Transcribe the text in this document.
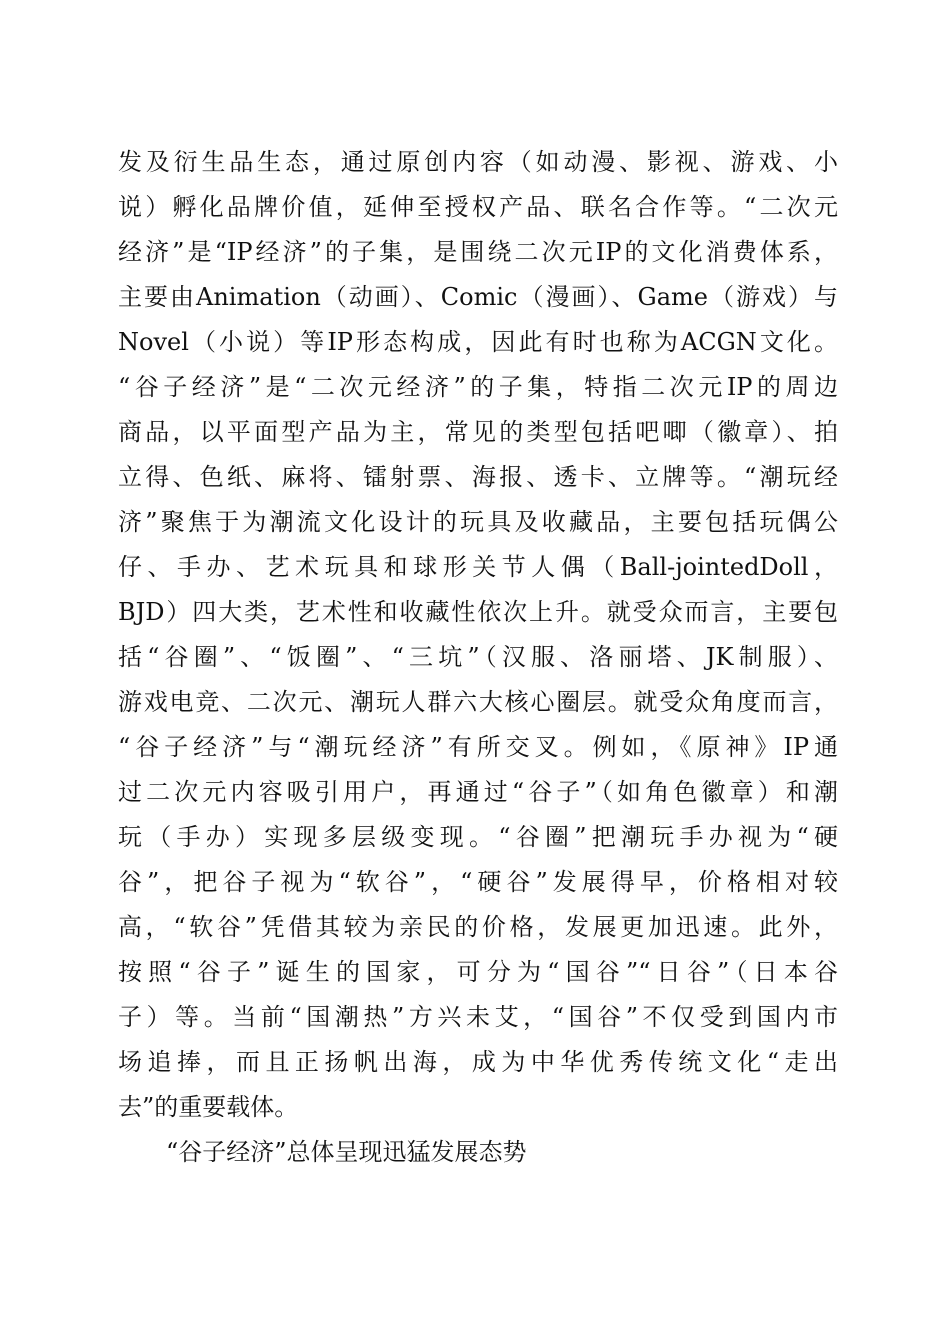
发及衍生品生态，通过原创内容（如动漫、影视、游戏、小
说）孵化品牌价值，延伸至授权产品、联名合作等。“二次元
经济”是“IP经济”的子集，是围绕二次元IP的文化消费体系，
主要由Animation（动画）、Comic（漫画）、Game（游戏）与
Novel（小说）等IP形态构成，因此有时也称为ACGN文化。
“谷子经济”是“二次元经济”的子集，特指二次元IP的周边
商品，以平面型产品为主，常见的类型包括吧唧（徽章）、拍
立得、色纸、麻将、镭射票、海报、透卡、立牌等。“潮玩经
济”聚焦于为潮流文化设计的玩具及收藏品，主要包括玩偶公
仔、手办、艺术玩具和球形关节人偶（Ball-jointedDoll，
BJD）四大类，艺术性和收藏性依次上升。就受众而言，主要包
括“谷圈”、“饭圈”、“三坑”（汉服、洛丽塔、JK制服）、
游戏电竞、二次元、潮玩人群六大核心圈层。就受众角度而言，
“谷子经济”与“潮玩经济”有所交叉。例如，《原神》IP通
过二次元内容吸引用户，再通过“谷子”（如角色徽章）和潮
玩（手办）实现多层级变现。“谷圈”把潮玩手办视为“硬
谷”，把谷子视为“软谷”，“硬谷”发展得早，价格相对较
高，“软谷”凭借其较为亲民的价格，发展更加迅速。此外，
按照“谷子”诞生的国家，可分为“国谷”“日谷”（日本谷
子）等。当前“国潮热”方兴未艾，“国谷”不仅受到国内市
场追捧，而且正扬帆出海，成为中华优秀传统文化“走出
去”的重要载体。
“谷子经济”总体呈现迅猛发展态势
